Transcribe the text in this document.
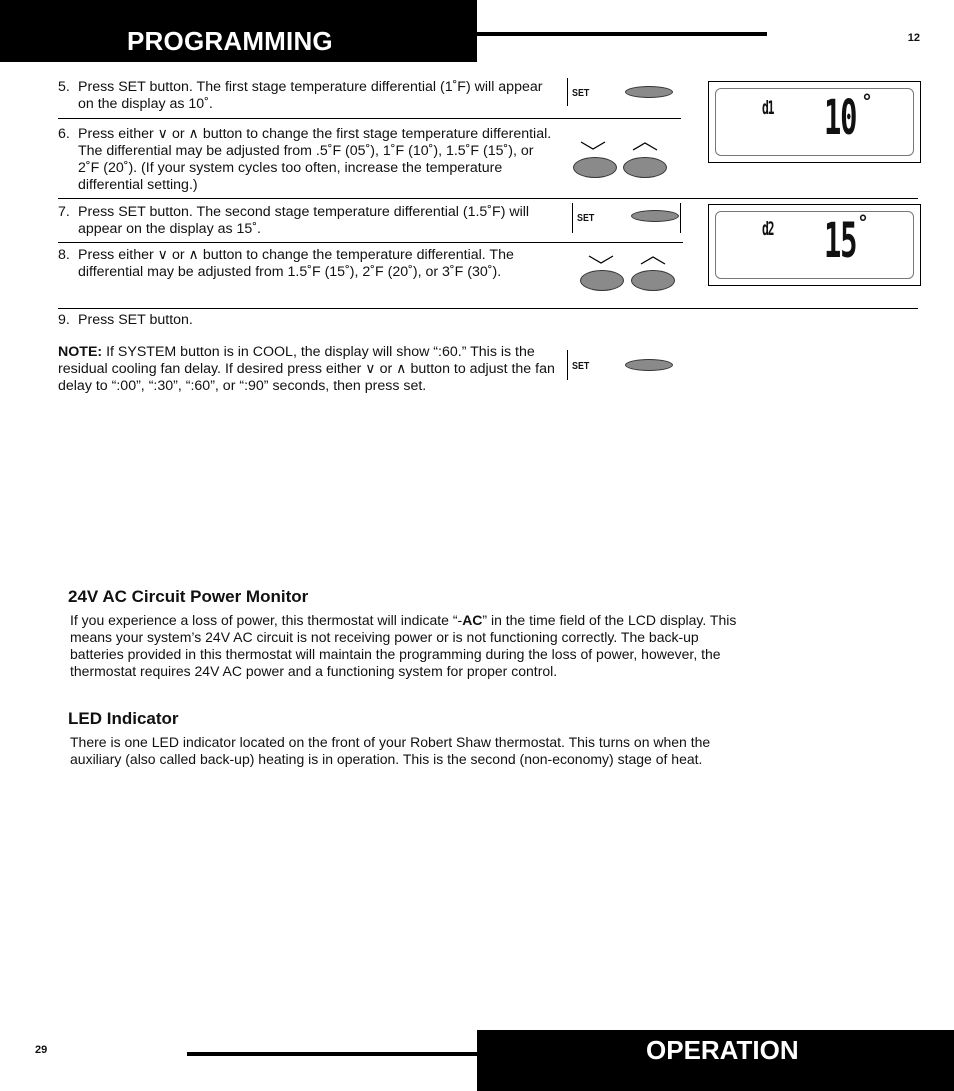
PROGRAMMING	12
5. Press SET button. The first stage temperature differential (1˚F) will appear on the display as 10˚.
SET
d1 10 °
6. Press either ∨ or ∧ button to change the first stage temperature differential. The differential may be adjusted from .5˚F (05˚), 1˚F (10˚), 1.5˚F (15˚), or 2˚F (20˚). (If your system cycles too often, increase the temperature differential setting.)
7. Press SET button. The second stage temperature differential (1.5˚F) will appear on the display as 15˚.
SET	d2 15 °
8. Press either ∨ or ∧ button to change the temperature differential. The differential may be adjusted from 1.5˚F (15˚), 2˚F (20˚), or 3˚F (30˚).
9. Press SET button.
NOTE: If SYSTEM button is in COOL, the display will show “:60.” This is the residual cooling fan delay. If desired press either ∨ or ∧ button to adjust the fan delay to “:00”, “:30”, “:60”, or “:90” seconds, then press set.
SET
24V AC Circuit Power Monitor
If you experience a loss of power, this thermostat will indicate “-AC” in the time field of the LCD display. This means your system’s 24V AC circuit is not receiving power or is not functioning correctly. The back-up batteries provided in this thermostat will maintain the programming during the loss of power, however, the thermostat requires 24V AC power and a functioning system for proper control.
LED Indicator
There is one LED indicator located on the front of your Robert Shaw thermostat. This turns on when the auxiliary (also called back-up) heating is in operation. This is the second (non-economy) stage of heat.
29	OPERATION
